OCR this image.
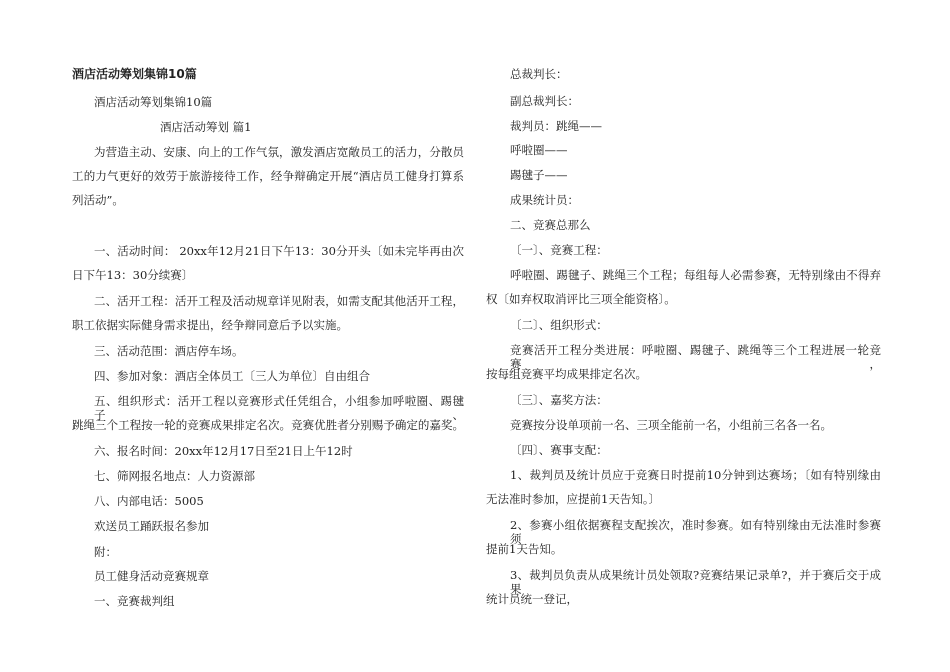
酒店活动筹划集锦10篇
酒店活动筹划集锦10篇
酒店活动筹划 篇1
为营造主动、安康、向上的工作气氛，激发酒店宽敞员工的活力，分散员
工的力气更好的效劳于旅游接待工作，经争辩确定开展“酒店员工健身打算系
列活动”。
一、活动时间： 20xx年12月21日下午13：30分开头〔如未完毕再由次
日下午13：30分续赛〕
二、活开工程：活开工程及活动规章详见附表，如需支配其他活开工程，
职工依据实际健身需求提出，经争辩同意后予以实施。
三、活动范围：酒店停车场。
四、参加对象：酒店全体员工〔三人为单位〕自由组合
五、组织形式：活开工程以竞赛形式任凭组合，小组参加呼啦圈、踢毽子、
跳绳三个工程按一轮的竞赛成果排定名次。竞赛优胜者分别赐予确定的嘉奖。
六、报名时间：20xx年12月17日至21日上午12时
七、筛网报名地点：人力资源部
八、内部电话：5005
欢送员工踊跃报名参加
附：
员工健身活动竞赛规章
一、竞赛裁判组
总裁判长：
副总裁判长：
裁判员：跳绳——
呼啦圈——
踢毽子——
成果统计员：
二、竞赛总那么
〔一〕、竞赛工程：
呼啦圈、踢毽子、跳绳三个工程；每组每人必需参赛，无特别缘由不得弃
权〔如弃权取消评比三项全能资格〕。
〔二〕、组织形式：
竞赛活开工程分类进展：呼啦圈、踢毽子、跳绳等三个工程进展一轮竞赛，
按每组竞赛平均成果排定名次。
〔三〕、嘉奖方法：
竞赛按分设单项前一名、三项全能前一名，小组前三名各一名。
〔四〕、赛事支配：
1、裁判员及统计员应于竞赛日时提前10分钟到达赛场；〔如有特别缘由
无法准时参加，应提前1天告知。〕
2、参赛小组依据赛程支配挨次，准时参赛。如有特别缘由无法准时参赛须
提前1天告知。
3、裁判员负责从成果统计员处领取?竞赛结果记录单?，并于赛后交于成果
统计员统一登记，
